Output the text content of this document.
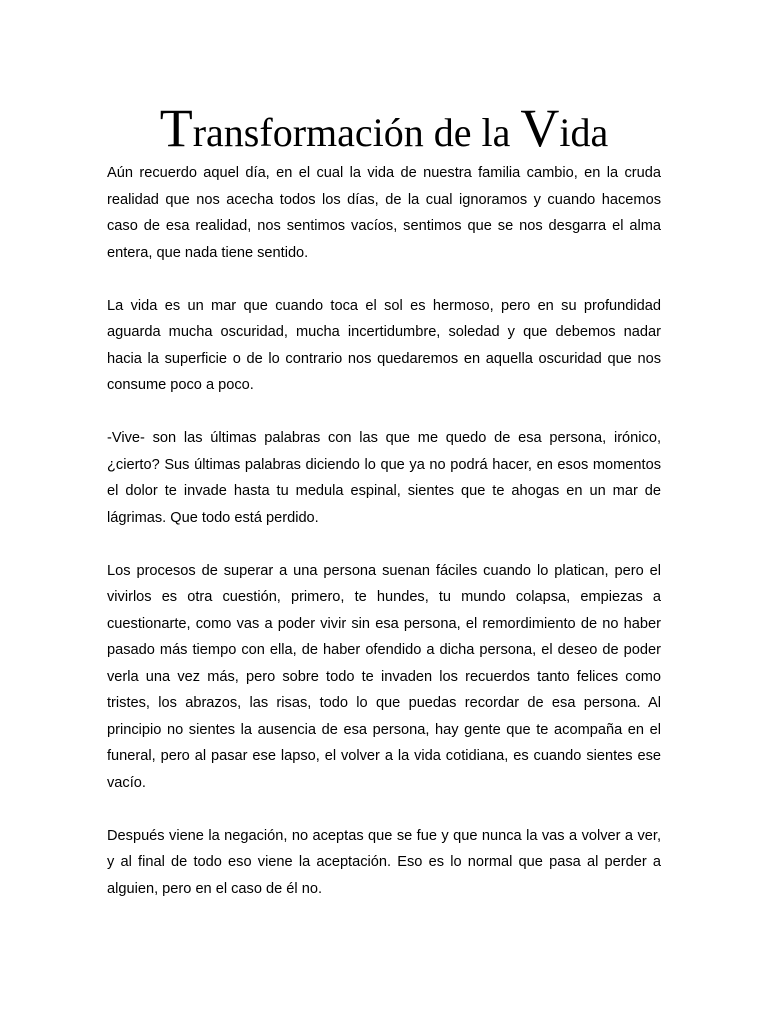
Transformación de la Vida

Aún recuerdo aquel día, en el cual la vida de nuestra familia cambio, en la cruda realidad que nos acecha todos los días, de la cual ignoramos y cuando hacemos caso de esa realidad, nos sentimos vacíos, sentimos que se nos desgarra el alma entera, que nada tiene sentido.

La vida es un mar que cuando toca el sol es hermoso, pero en su profundidad aguarda mucha oscuridad, mucha incertidumbre, soledad y que debemos nadar hacia la superficie o de lo contrario nos quedaremos en aquella oscuridad que nos consume poco a poco.

-Vive- son las últimas palabras con las que me quedo de esa persona, irónico, ¿cierto? Sus últimas palabras diciendo lo que ya no podrá hacer, en esos momentos el dolor te invade hasta tu medula espinal, sientes que te ahogas en un mar de lágrimas. Que todo está perdido.

Los procesos de superar a una persona suenan fáciles cuando lo platican, pero el vivirlos es otra cuestión, primero, te hundes, tu mundo colapsa, empiezas a cuestionarte, como vas a poder vivir sin esa persona, el remordimiento de no haber pasado más tiempo con ella, de haber ofendido a dicha persona, el deseo de poder verla una vez más, pero sobre todo te invaden los recuerdos tanto felices como tristes, los abrazos, las risas, todo lo que puedas recordar de esa persona. Al principio no sientes la ausencia de esa persona, hay gente que te acompaña en el funeral, pero al pasar ese lapso, el volver a la vida cotidiana, es cuando sientes ese vacío.

Después viene la negación, no aceptas que se fue y que nunca la vas a volver a ver, y al final de todo eso viene la aceptación. Eso es lo normal que pasa al perder a alguien, pero en el caso de él no.
